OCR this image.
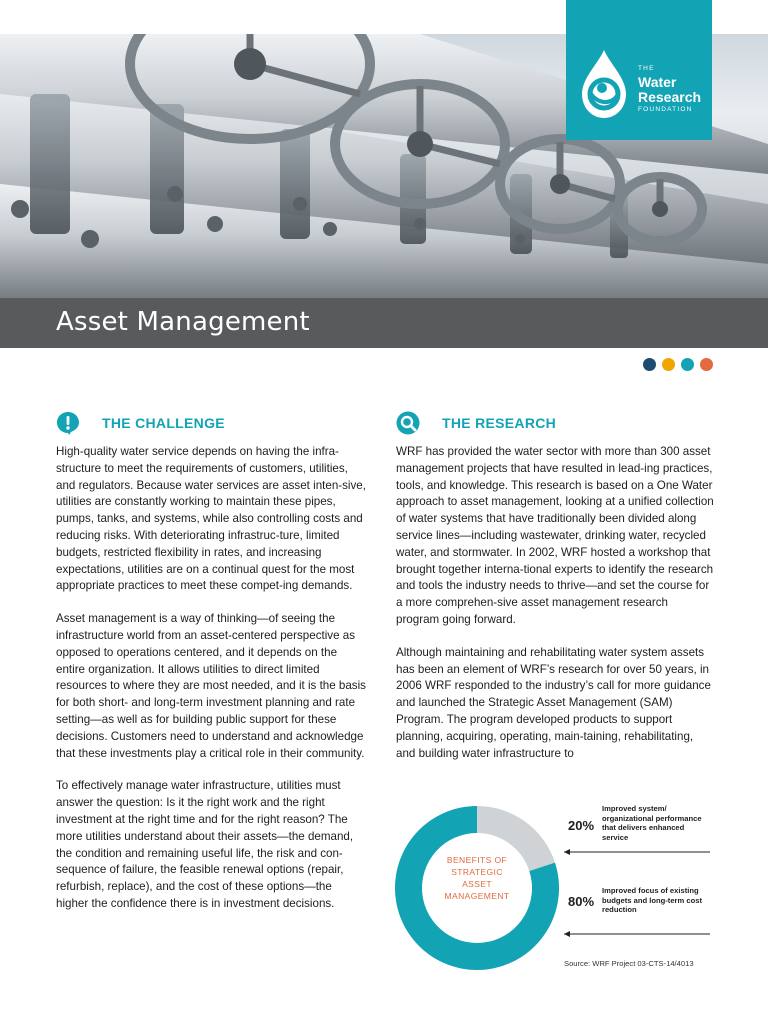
THE
Water
Research
FOUNDATION
Asset Management
THE CHALLENGE

High-quality water service depends on having the infra-structure to meet the requirements of customers, utilities, and regulators. Because water services are asset inten-sive, utilities are constantly working to maintain these pipes, pumps, tanks, and systems, while also controlling costs and reducing risks. With deteriorating infrastruc-ture, limited budgets, restricted flexibility in rates, and increasing expectations, utilities are on a continual quest for the most appropriate practices to meet these compet-ing demands.

Asset management is a way of thinking—of seeing the infrastructure world from an asset-centered perspective as opposed to operations centered, and it depends on the entire organization. It allows utilities to direct limited resources to where they are most needed, and it is the basis for both short- and long-term investment planning and rate setting—as well as for building public support for these decisions. Customers need to understand and acknowledge that these investments play a critical role in their community.

To effectively manage water infrastructure, utilities must answer the question: Is it the right work and the right investment at the right time and for the right reason? The more utilities understand about their assets—the demand, the condition and remaining useful life, the risk and con-sequence of failure, the feasible renewal options (repair, refurbish, replace), and the cost of these options—the higher the confidence there is in investment decisions.

THE RESEARCH

WRF has provided the water sector with more than 300 asset management projects that have resulted in lead-ing practices, tools, and knowledge. This research is based on a One Water approach to asset management, looking at a unified collection of water systems that have traditionally been divided along service lines—including wastewater, drinking water, recycled water, and stormwater. In 2002, WRF hosted a workshop that brought together interna-tional experts to identify the research and tools the industry needs to thrive—and set the course for a more comprehen-sive asset management research program going forward.

Although maintaining and rehabilitating water system assets has been an element of WRF’s research for over 50 years, in 2006 WRF responded to the industry’s call for more guidance and launched the Strategic Asset Management (SAM) Program. The program developed products to support planning, acquiring, operating, main-taining, rehabilitating, and building water infrastructure to

BENEFITS OF
STRATEGIC
ASSET
MANAGEMENT
20%
Improved system/
organizational performance
that delivers enhanced
service
80%
Improved focus of existing
budgets and long-term cost
reduction
Source: WRF Project 03-CTS-14/4013
